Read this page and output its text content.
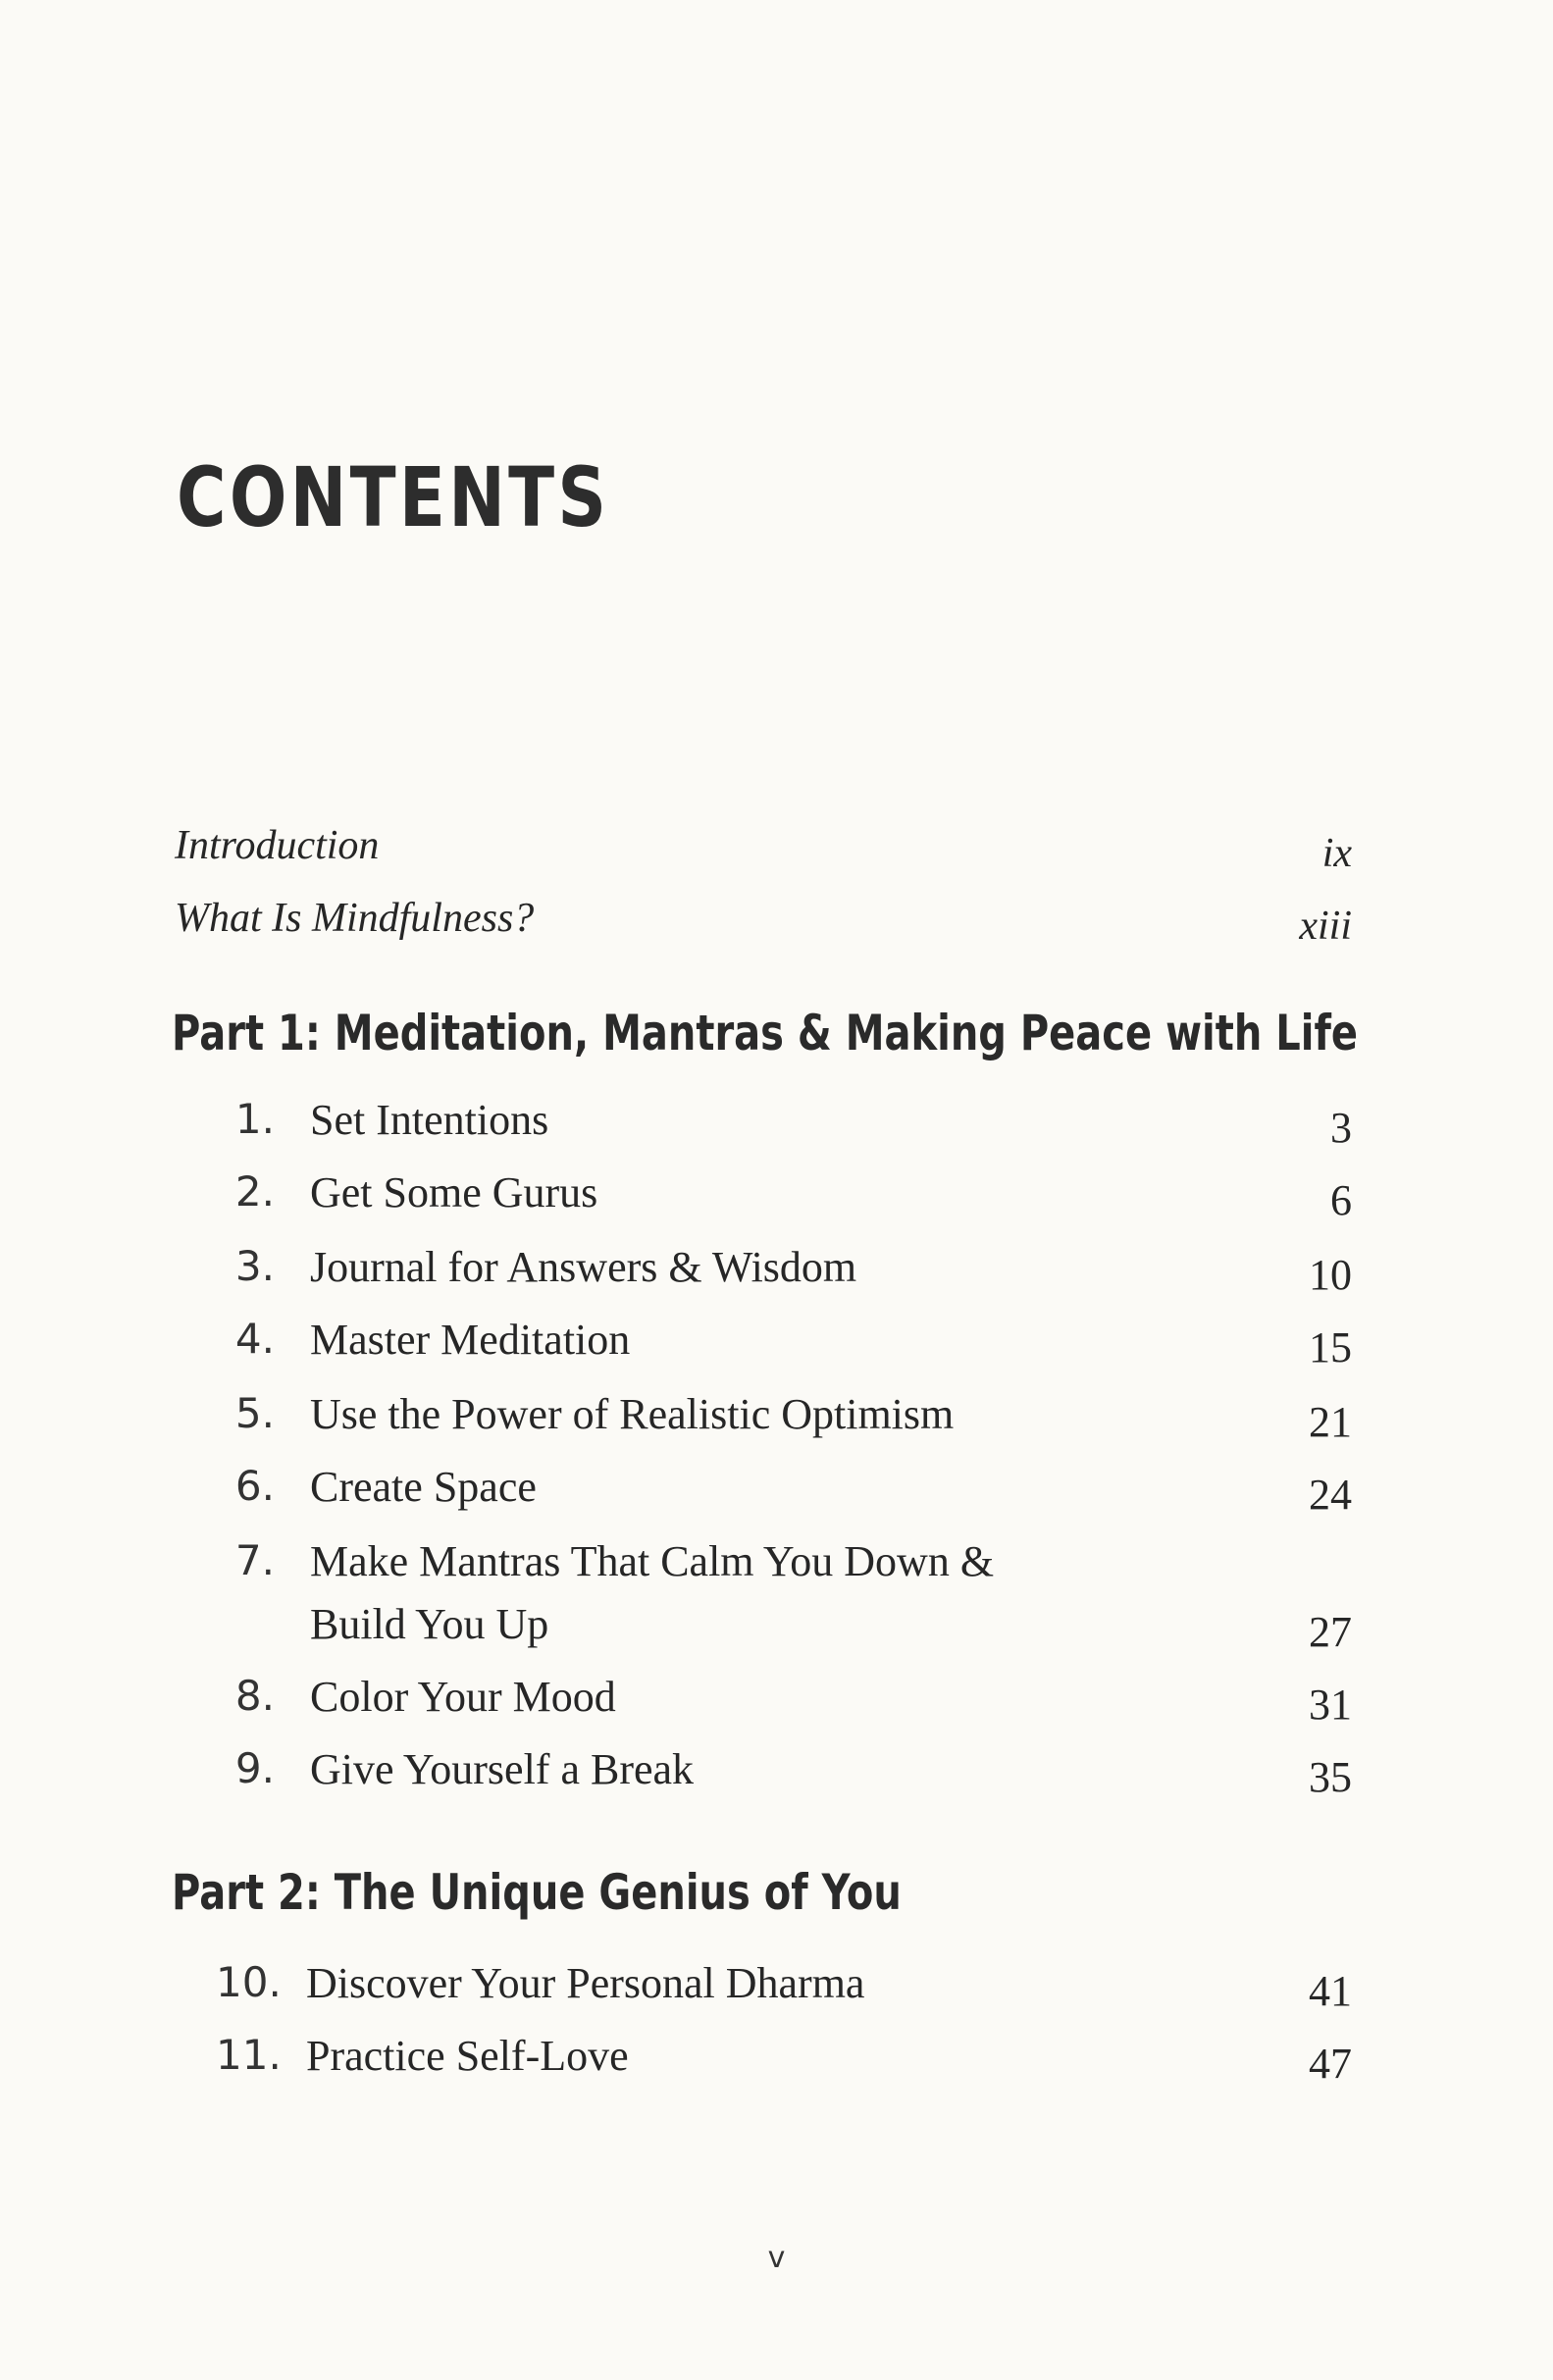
CONTENTS
Introduction	ix
What Is Mindfulness?	xiii
Part 1: Meditation, Mantras & Making Peace with Life
1. Set Intentions	3
2. Get Some Gurus	6
3. Journal for Answers & Wisdom	10
4. Master Meditation	15
5. Use the Power of Realistic Optimism	21
6. Create Space	24
7. Make Mantras That Calm You Down &
Build You Up	27
8. Color Your Mood	31
9. Give Yourself a Break	35
Part 2: The Unique Genius of You
10. Discover Your Personal Dharma	41
11. Practice Self-Love	47
v
